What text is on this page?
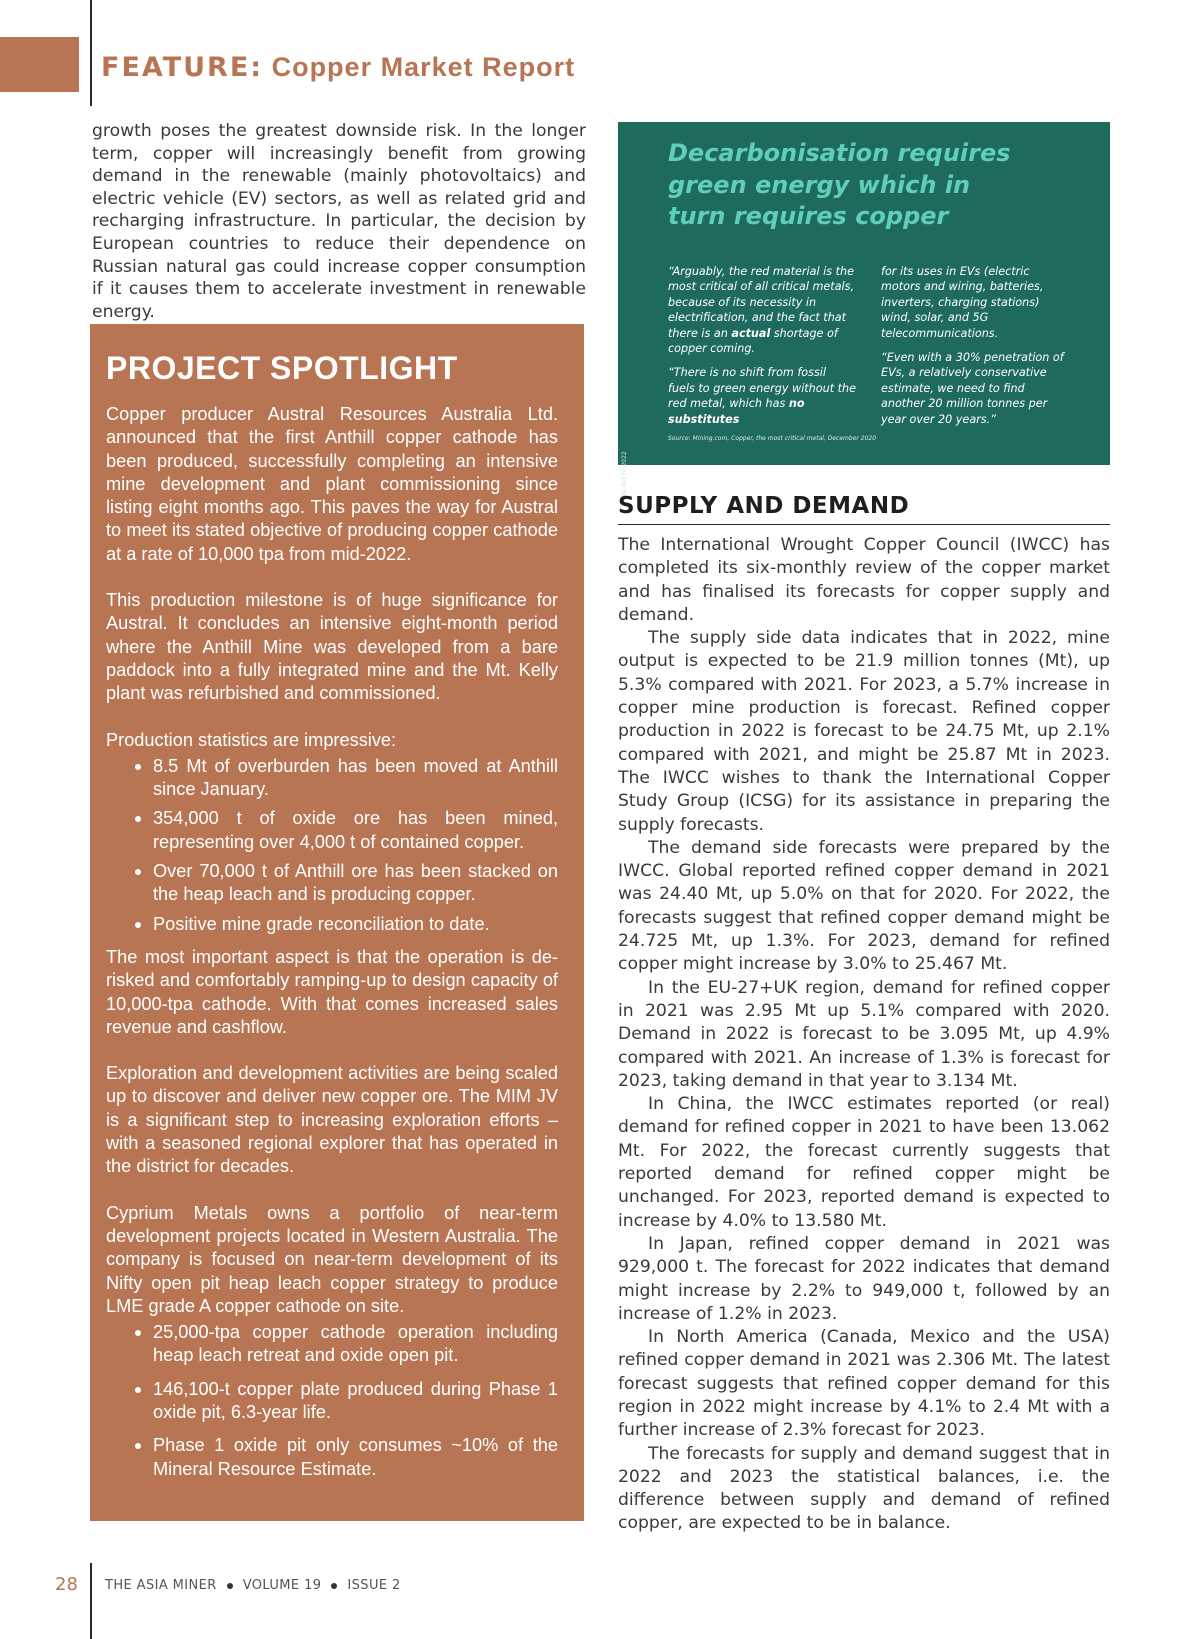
FEATURE: Copper Market Report

growth poses the greatest downside risk. In the longer term, copper will increasingly benefit from growing demand in the renewable (mainly photovoltaics) and electric vehicle (EV) sectors, as well as related grid and recharging infrastructure. In particular, the decision by European countries to reduce their dependence on Russian natural gas could increase copper consumption if it causes them to accelerate investment in renewable energy.

PROJECT SPOTLIGHT

Copper producer Austral Resources Australia Ltd. announced that the first Anthill copper cathode has been produced, successfully completing an intensive mine development and plant commissioning since listing eight months ago. This paves the way for Austral to meet its stated objective of producing copper cathode at a rate of 10,000 tpa from mid-2022.

This production milestone is of huge significance for Austral. It concludes an intensive eight-month period where the Anthill Mine was developed from a bare paddock into a fully integrated mine and the Mt. Kelly plant was refurbished and commissioned.

Production statistics are impressive:

8.5 Mt of overburden has been moved at Anthill since January.
354,000 t of oxide ore has been mined, representing over 4,000 t of contained copper.
Over 70,000 t of Anthill ore has been stacked on the heap leach and is producing copper.
Positive mine grade reconciliation to date.

The most important aspect is that the operation is de-risked and comfortably ramping-up to design capacity of 10,000-tpa cathode. With that comes increased sales revenue and cashflow.

Exploration and development activities are being scaled up to discover and deliver new copper ore. The MIM JV is a significant step to increasing exploration efforts – with a seasoned regional explorer that has operated in the district for decades.

Cyprium Metals owns a portfolio of near-term development projects located in Western Australia. The company is focused on near-term development of its Nifty open pit heap leach copper strategy to produce LME grade A copper cathode on site.

25,000-tpa copper cathode operation including heap leach retreat and oxide open pit.
146,100-t copper plate produced during Phase 1 oxide pit, 6.3-year life.
Phase 1 oxide pit only consumes ~10% of the Mineral Resource Estimate.
Decarbonisation requires green energy which in turn requires copper

“Arguably, the red material is the most critical of all critical metals, because of its necessity in electrification, and the fact that there is an actual shortage of copper coming.

“There is no shift from fossil fuels to green energy without the red metal, which has no substitutes

for its uses in EVs (electric motors and wiring, batteries, inverters, charging stations) wind, solar, and 5G telecommunications.

“Even with a 30% penetration of EVs, a relatively conservative estimate, we need to find another 20 million tonnes per year over 20 years.”

Source: Mining.com, Copper, the most critical metal, December 2020
A CRC Bid Fo 2022
SUPPLY AND DEMAND

The International Wrought Copper Council (IWCC) has completed its six-monthly review of the copper market and has finalised its forecasts for copper supply and demand.

The supply side data indicates that in 2022, mine output is expected to be 21.9 million tonnes (Mt), up 5.3% compared with 2021. For 2023, a 5.7% increase in copper mine production is forecast. Refined copper production in 2022 is forecast to be 24.75 Mt, up 2.1% compared with 2021, and might be 25.87 Mt in 2023. The IWCC wishes to thank the International Copper Study Group (ICSG) for its assistance in preparing the supply forecasts.

The demand side forecasts were prepared by the IWCC. Global reported refined copper demand in 2021 was 24.40 Mt, up 5.0% on that for 2020. For 2022, the forecasts suggest that refined copper demand might be 24.725 Mt, up 1.3%. For 2023, demand for refined copper might increase by 3.0% to 25.467 Mt.

In the EU-27+UK region, demand for refined copper in 2021 was 2.95 Mt up 5.1% compared with 2020. Demand in 2022 is forecast to be 3.095 Mt, up 4.9% compared with 2021. An increase of 1.3% is forecast for 2023, taking demand in that year to 3.134 Mt.

In China, the IWCC estimates reported (or real) demand for refined copper in 2021 to have been 13.062 Mt. For 2022, the forecast currently suggests that reported demand for refined copper might be unchanged. For 2023, reported demand is expected to increase by 4.0% to 13.580 Mt.

In Japan, refined copper demand in 2021 was 929,000 t. The forecast for 2022 indicates that demand might increase by 2.2% to 949,000 t, followed by an increase of 1.2% in 2023.

In North America (Canada, Mexico and the USA) refined copper demand in 2021 was 2.306 Mt. The latest forecast suggests that refined copper demand for this region in 2022 might increase by 4.1% to 2.4 Mt with a further increase of 2.3% forecast for 2023.

The forecasts for supply and demand suggest that in 2022 and 2023 the statistical balances, i.e. the difference between supply and demand of refined copper, are expected to be in balance.

28 THE ASIA MINER VOLUME 19 ISSUE 2
